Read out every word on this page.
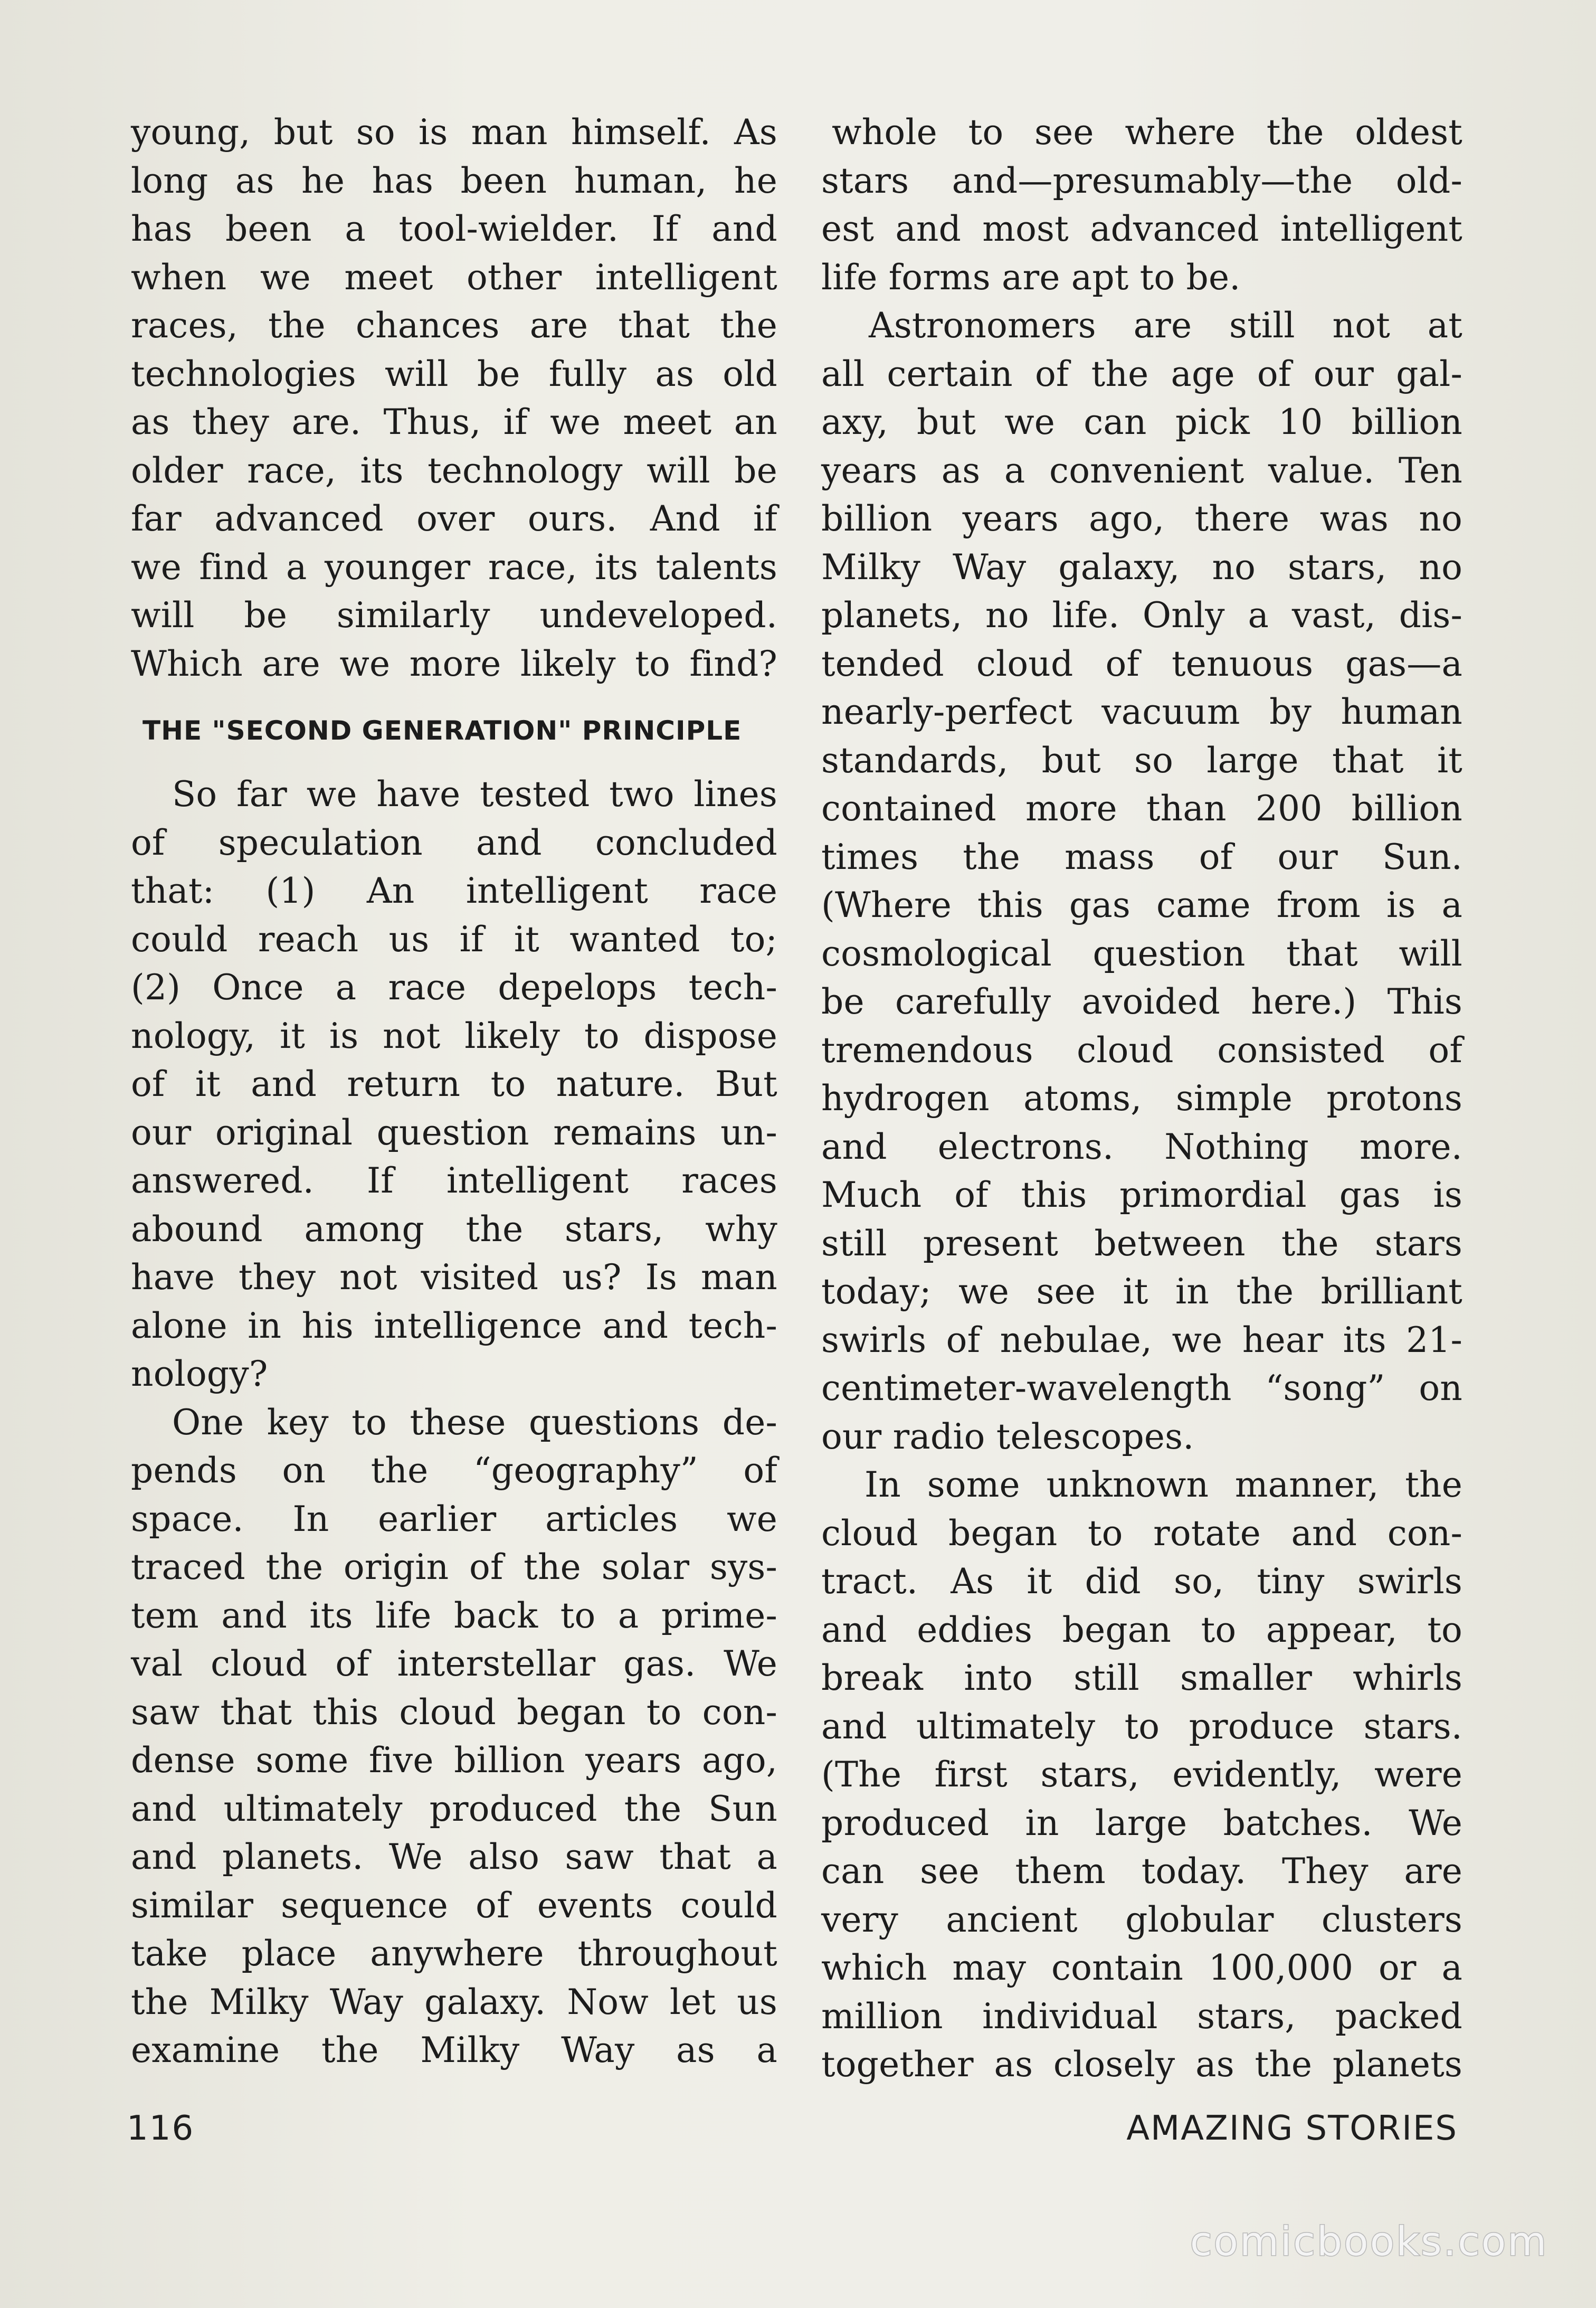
young, but so is man himself. As
long as he has been human, he
has been a tool-wielder. If and
when we meet other intelligent
races, the chances are that the
technologies will be fully as old
as they are. Thus, if we meet an
older race, its technology will be
far advanced over ours. And if
we find a younger race, its talents
will be similarly undeveloped.
Which are we more likely to find?
THE "SECOND GENERATION" PRINCIPLE
So far we have tested two lines
of speculation and concluded
that: (1) An intelligent race
could reach us if it wanted to;
(2) Once a race depelops tech-
nology, it is not likely to dispose
of it and return to nature. But
our original question remains un-
answered. If intelligent races
abound among the stars, why
have they not visited us? Is man
alone in his intelligence and tech-
nology?
One key to these questions de-
pends on the “geography” of
space. In earlier articles we
traced the origin of the solar sys-
tem and its life back to a prime-
val cloud of interstellar gas. We
saw that this cloud began to con-
dense some five billion years ago,
and ultimately produced the Sun
and planets. We also saw that a
similar sequence of events could
take place anywhere throughout
the Milky Way galaxy. Now let us
examine the Milky Way as a
whole to see where the oldest
stars and—presumably—the old-
est and most advanced intelligent
life forms are apt to be.
Astronomers are still not at
all certain of the age of our gal-
axy, but we can pick 10 billion
years as a convenient value. Ten
billion years ago, there was no
Milky Way galaxy, no stars, no
planets, no life. Only a vast, dis-
tended cloud of tenuous gas—a
nearly-perfect vacuum by human
standards, but so large that it
contained more than 200 billion
times the mass of our Sun.
(Where this gas came from is a
cosmological question that will
be carefully avoided here.) This
tremendous cloud consisted of
hydrogen atoms, simple protons
and electrons. Nothing more.
Much of this primordial gas is
still present between the stars
today; we see it in the brilliant
swirls of nebulae, we hear its 21-
centimeter-wavelength “song” on
our radio telescopes.
In some unknown manner, the
cloud began to rotate and con-
tract. As it did so, tiny swirls
and eddies began to appear, to
break into still smaller whirls
and ultimately to produce stars.
(The first stars, evidently, were
produced in large batches. We
can see them today. They are
very ancient globular clusters
which may contain 100,000 or a
million individual stars, packed
together as closely as the planets
116	AMAZING STORIES
comicbooks.com
